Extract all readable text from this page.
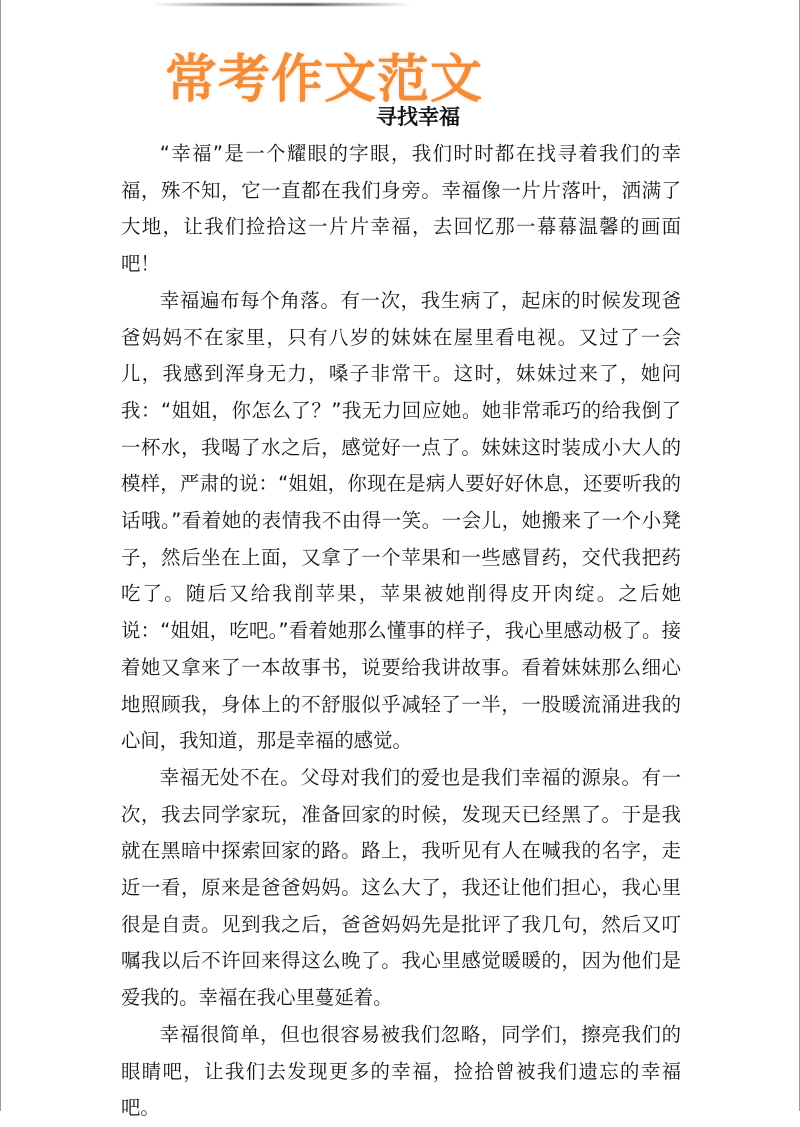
常考作文范文
寻找幸福

“幸福”是一个耀眼的字眼，我们时时都在找寻着我们的幸福，殊不知，它一直都在我们身旁。幸福像一片片落叶，洒满了大地，让我们捡拾这一片片幸福，去回忆那一幕幕温馨的画面吧！

幸福遍布每个角落。有一次，我生病了，起床的时候发现爸爸妈妈不在家里，只有八岁的妹妹在屋里看电视。又过了一会儿，我感到浑身无力，嗓子非常干。这时，妹妹过来了，她问我：“姐姐，你怎么了？”我无力回应她。她非常乖巧的给我倒了一杯水，我喝了水之后，感觉好一点了。妹妹这时装成小大人的模样，严肃的说：“姐姐，你现在是病人要好好休息，还要听我的话哦。”看着她的表情我不由得一笑。一会儿，她搬来了一个小凳子，然后坐在上面，又拿了一个苹果和一些感冒药，交代我把药吃了。随后又给我削苹果，苹果被她削得皮开肉绽。之后她说：“姐姐，吃吧。”看着她那么懂事的样子，我心里感动极了。接着她又拿来了一本故事书，说要给我讲故事。看着妹妹那么细心地照顾我，身体上的不舒服似乎减轻了一半，一股暖流涌进我的心间，我知道，那是幸福的感觉。

幸福无处不在。父母对我们的爱也是我们幸福的源泉。有一次，我去同学家玩，准备回家的时候，发现天已经黑了。于是我就在黑暗中探索回家的路。路上，我听见有人在喊我的名字，走近一看，原来是爸爸妈妈。这么大了，我还让他们担心，我心里很是自责。见到我之后，爸爸妈妈先是批评了我几句，然后又叮嘱我以后不许回来得这么晚了。我心里感觉暖暖的，因为他们是爱我的。幸福在我心里蔓延着。

幸福很简单，但也很容易被我们忽略，同学们，擦亮我们的眼睛吧，让我们去发现更多的幸福，捡拾曾被我们遗忘的幸福吧。
